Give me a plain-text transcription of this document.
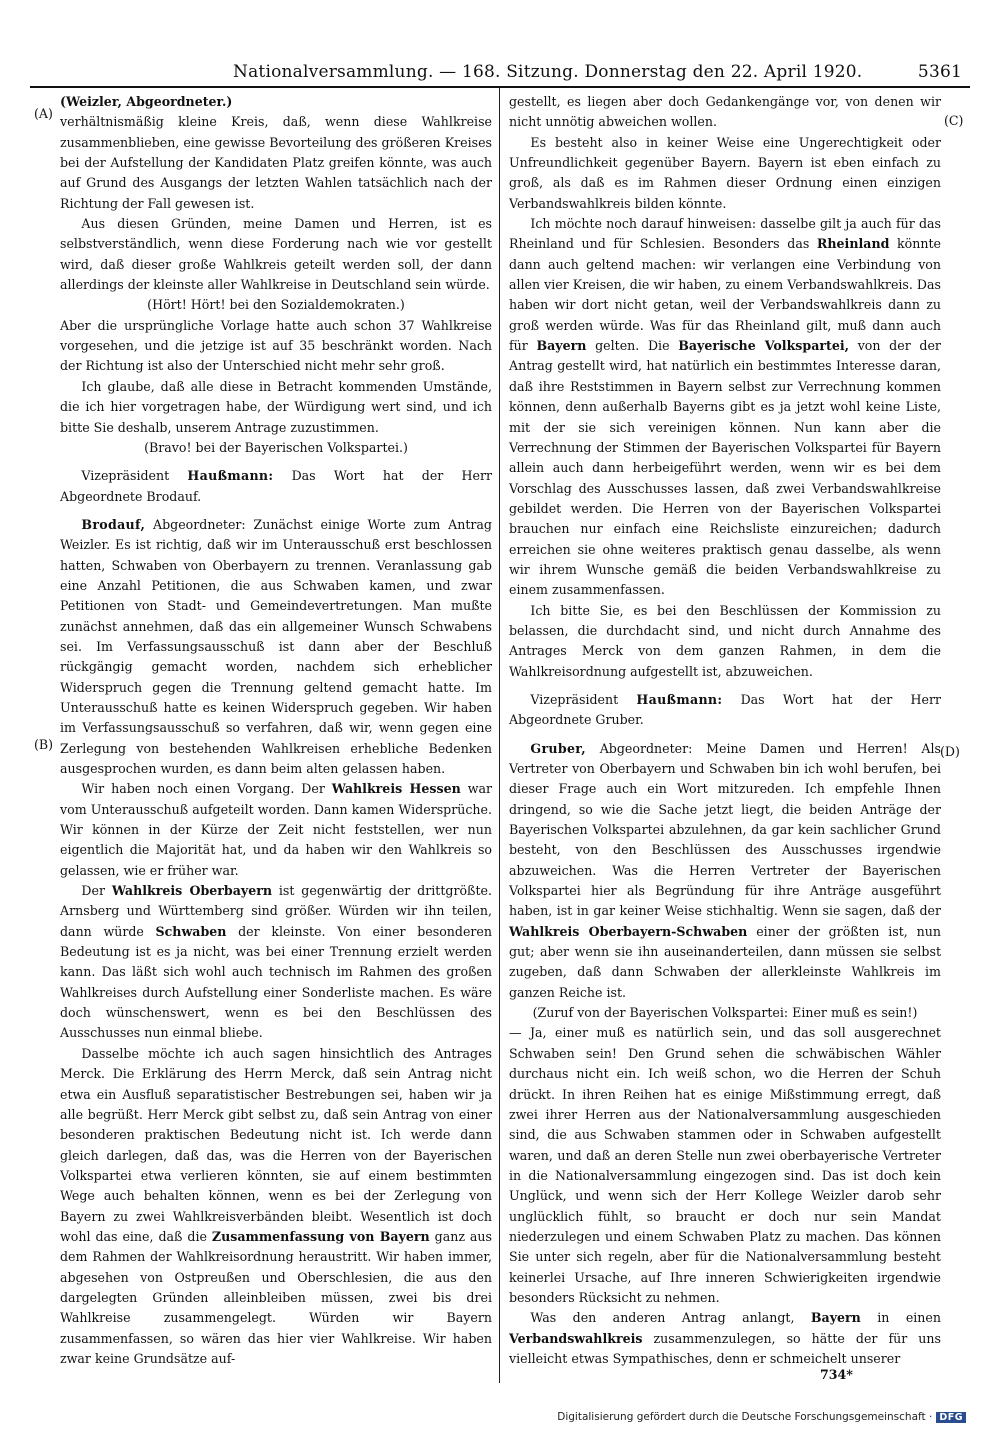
Nationalversammlung. — 168. Sitzung. Donnerstag den 22. April 1920.	5361
(A)
(B)
(C)
(D)

(Weizler, Abgeordneter.)

verhältnismäßig kleine Kreis, daß, wenn diese Wahlkreise zusammenblieben, eine gewisse Bevorteilung des größeren Kreises bei der Aufstellung der Kandidaten Platz greifen könnte, was auch auf Grund des Ausgangs der letzten Wahlen tatsächlich nach der Richtung der Fall gewesen ist.

Aus diesen Gründen, meine Damen und Herren, ist es selbstverständlich, wenn diese Forderung nach wie vor gestellt wird, daß dieser große Wahlkreis geteilt werden soll, der dann allerdings der kleinste aller Wahlkreise in Deutschland sein würde.

(Hört! Hört! bei den Sozialdemokraten.)

Aber die ursprüngliche Vorlage hatte auch schon 37 Wahlkreise vorgesehen, und die jetzige ist auf 35 beschränkt worden. Nach der Richtung ist also der Unterschied nicht mehr sehr groß.

Ich glaube, daß alle diese in Betracht kommenden Umstände, die ich hier vorgetragen habe, der Würdigung wert sind, und ich bitte Sie deshalb, unserem Antrage zuzustimmen.

(Bravo! bei der Bayerischen Volkspartei.)

Vizepräsident Haußmann: Das Wort hat der Herr Abgeordnete Brodauf.

Brodauf, Abgeordneter: Zunächst einige Worte zum Antrag Weizler. Es ist richtig, daß wir im Unterausschuß erst beschlossen hatten, Schwaben von Oberbayern zu trennen. Veranlassung gab eine Anzahl Petitionen, die aus Schwaben kamen, und zwar Petitionen von Stadt- und Gemeindevertretungen. Man mußte zunächst annehmen, daß das ein allgemeiner Wunsch Schwabens sei. Im Verfassungsausschuß ist dann aber der Beschluß rückgängig gemacht worden, nachdem sich erheblicher Widerspruch gegen die Trennung geltend gemacht hatte. Im Unterausschuß hatte es keinen Widerspruch gegeben. Wir haben im Verfassungsausschuß so verfahren, daß wir, wenn gegen eine Zerlegung von bestehenden Wahlkreisen erhebliche Bedenken ausgesprochen wurden, es dann beim alten gelassen haben.

Wir haben noch einen Vorgang. Der Wahlkreis Hessen war vom Unterausschuß aufgeteilt worden. Dann kamen Widersprüche. Wir können in der Kürze der Zeit nicht feststellen, wer nun eigentlich die Majorität hat, und da haben wir den Wahlkreis so gelassen, wie er früher war.

Der Wahlkreis Oberbayern ist gegenwärtig der drittgrößte. Arnsberg und Württemberg sind größer. Würden wir ihn teilen, dann würde Schwaben der kleinste. Von einer besonderen Bedeutung ist es ja nicht, was bei einer Trennung erzielt werden kann. Das läßt sich wohl auch technisch im Rahmen des großen Wahlkreises durch Aufstellung einer Sonderliste machen. Es wäre doch wünschenswert, wenn es bei den Beschlüssen des Ausschusses nun einmal bliebe.

Dasselbe möchte ich auch sagen hinsichtlich des Antrages Merck. Die Erklärung des Herrn Merck, daß sein Antrag nicht etwa ein Ausfluß separatistischer Bestrebungen sei, haben wir ja alle begrüßt. Herr Merck gibt selbst zu, daß sein Antrag von einer besonderen praktischen Bedeutung nicht ist. Ich werde dann gleich darlegen, daß das, was die Herren von der Bayerischen Volkspartei etwa verlieren könnten, sie auf einem bestimmten Wege auch behalten können, wenn es bei der Zerlegung von Bayern zu zwei Wahlkreisverbänden bleibt. Wesentlich ist doch wohl das eine, daß die Zusammenfassung von Bayern ganz aus dem Rahmen der Wahlkreisordnung heraustritt. Wir haben immer, abgesehen von Ostpreußen und Oberschlesien, die aus den dargelegten Gründen alleinbleiben müssen, zwei bis drei Wahlkreise zusammengelegt. Würden wir Bayern zusammenfassen, so wären das hier vier Wahlkreise. Wir haben zwar keine Grundsätze auf-

gestellt, es liegen aber doch Gedankengänge vor, von denen wir nicht unnötig abweichen wollen.

Es besteht also in keiner Weise eine Ungerechtigkeit oder Unfreundlichkeit gegenüber Bayern. Bayern ist eben einfach zu groß, als daß es im Rahmen dieser Ordnung einen einzigen Verbandswahlkreis bilden könnte.

Ich möchte noch darauf hinweisen: dasselbe gilt ja auch für das Rheinland und für Schlesien. Besonders das Rheinland könnte dann auch geltend machen: wir verlangen eine Verbindung von allen vier Kreisen, die wir haben, zu einem Verbandswahlkreis. Das haben wir dort nicht getan, weil der Verbandswahlkreis dann zu groß werden würde. Was für das Rheinland gilt, muß dann auch für Bayern gelten. Die Bayerische Volkspartei, von der der Antrag gestellt wird, hat natürlich ein bestimmtes Interesse daran, daß ihre Reststimmen in Bayern selbst zur Verrechnung kommen können, denn außerhalb Bayerns gibt es ja jetzt wohl keine Liste, mit der sie sich vereinigen können. Nun kann aber die Verrechnung der Stimmen der Bayerischen Volkspartei für Bayern allein auch dann herbeigeführt werden, wenn wir es bei dem Vorschlag des Ausschusses lassen, daß zwei Verbandswahlkreise gebildet werden. Die Herren von der Bayerischen Volkspartei brauchen nur einfach eine Reichsliste einzureichen; dadurch erreichen sie ohne weiteres praktisch genau dasselbe, als wenn wir ihrem Wunsche gemäß die beiden Verbandswahlkreise zu einem zusammenfassen.

Ich bitte Sie, es bei den Beschlüssen der Kommission zu belassen, die durchdacht sind, und nicht durch Annahme des Antrages Merck von dem ganzen Rahmen, in dem die Wahlkreisordnung aufgestellt ist, abzuweichen.

Vizepräsident Haußmann: Das Wort hat der Herr Abgeordnete Gruber.

Gruber, Abgeordneter: Meine Damen und Herren! Als Vertreter von Oberbayern und Schwaben bin ich wohl berufen, bei dieser Frage auch ein Wort mitzureden. Ich empfehle Ihnen dringend, so wie die Sache jetzt liegt, die beiden Anträge der Bayerischen Volkspartei abzulehnen, da gar kein sachlicher Grund besteht, von den Beschlüssen des Ausschusses irgendwie abzuweichen. Was die Herren Vertreter der Bayerischen Volkspartei hier als Begründung für ihre Anträge ausgeführt haben, ist in gar keiner Weise stichhaltig. Wenn sie sagen, daß der Wahlkreis Oberbayern-Schwaben einer der größten ist, nun gut; aber wenn sie ihn auseinanderteilen, dann müssen sie selbst zugeben, daß dann Schwaben der allerkleinste Wahlkreis im ganzen Reiche ist.

(Zuruf von der Bayerischen Volkspartei: Einer muß es sein!)

— Ja, einer muß es natürlich sein, und das soll ausgerechnet Schwaben sein! Den Grund sehen die schwäbischen Wähler durchaus nicht ein. Ich weiß schon, wo die Herren der Schuh drückt. In ihren Reihen hat es einige Mißstimmung erregt, daß zwei ihrer Herren aus der Nationalversammlung ausgeschieden sind, die aus Schwaben stammen oder in Schwaben aufgestellt waren, und daß an deren Stelle nun zwei oberbayerische Vertreter in die Nationalversammlung eingezogen sind. Das ist doch kein Unglück, und wenn sich der Herr Kollege Weizler darob sehr unglücklich fühlt, so braucht er doch nur sein Mandat niederzulegen und einem Schwaben Platz zu machen. Das können Sie unter sich regeln, aber für die Nationalversammlung besteht keinerlei Ursache, auf Ihre inneren Schwierigkeiten irgendwie besonders Rücksicht zu nehmen.

Was den anderen Antrag anlangt, Bayern in einen Verbandswahlkreis zusammenzulegen, so hätte der für uns vielleicht etwas Sympathisches, denn er schmeichelt unserer

734*
Digitalisierung gefördert durch die Deutsche Forschungsgemeinschaft · DFG
